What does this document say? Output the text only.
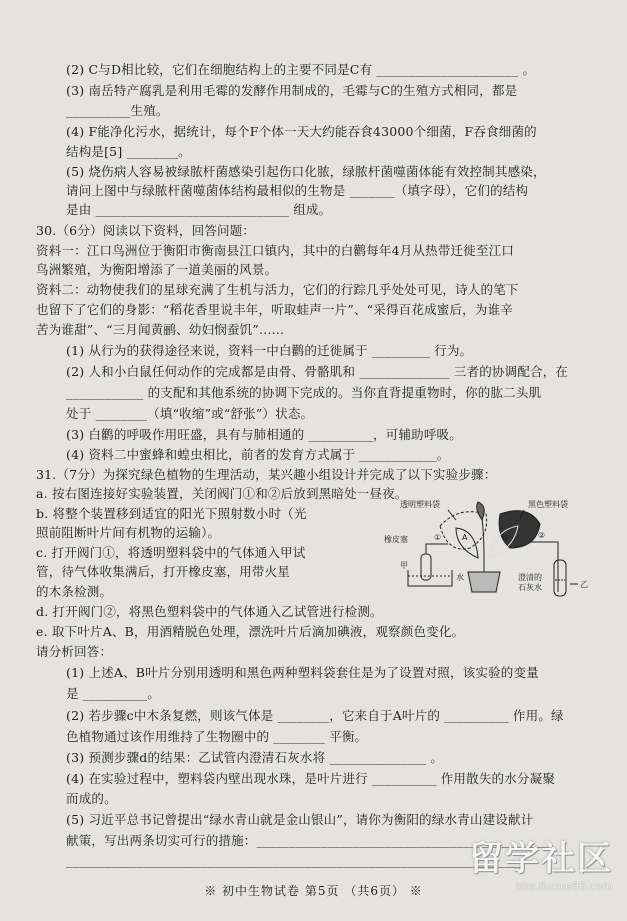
(2) C与D相比较，它们在细胞结构上的主要不同是C有 ______________________ 。
(3) 南岳特产腐乳是利用毛霉的发酵作用制成的，毛霉与C的生殖方式相同，都是
__________生殖。
(4) F能净化污水，据统计，每个F个体一天大约能吞食43000个细菌，F吞食细菌的
结构是[5] ________。
(5) 烧伤病人容易被绿脓杆菌感染引起伤口化脓，绿脓杆菌噬菌体能有效控制其感染，
请问上图中与绿脓杆菌噬菌体结构最相似的生物是 _______（填字母），它们的结构
是由 ______________________________ 组成。
30.（6分）阅读以下资料，回答问题：
资料一：江口鸟洲位于衡阳市衡南县江口镇内，其中的白鹳每年4月从热带迁徙至江口
鸟洲繁殖，为衡阳增添了一道美丽的风景。
资料二：动物使我们的星球充满了生机与活力，它们的行踪几乎处处可见，诗人的笔下
也留下了它们的身影：“稻花香里说丰年，听取蛙声一片”、“采得百花成蜜后，为谁辛
苦为谁甜”、“三月闻黄鹂、幼妇悯蚕饥”……
(1) 从行为的获得途径来说，资料一中白鹳的迁徙属于 _________ 行为。
(2) 人和小白鼠任何动作的完成都是由骨、骨骼肌和 ______________ 三者的协调配合，在
____________ 的支配和其他系统的协调下完成的。当你直背提重物时，你的肱二头肌
处于 ________（填“收缩”或“舒张”）状态。
(3) 白鹳的呼吸作用旺盛，具有与肺相通的 __________，可辅助呼吸。
(4) 资料二中蜜蜂和蝗虫相比，前者的发育方式属于 ____________。
31.（7分）为探究绿色植物的生理活动，某兴趣小组设计并完成了以下实验步骤：
a. 按右图连接好实验装置，关闭阀门①和②后放到黑暗处一昼夜。
b. 将整个装置移到适宜的阳光下照射数小时（光
照前阻断叶片间有机物的运输）。
c. 打开阀门①，将透明塑料袋中的气体通入甲试
管，待气体收集满后，打开橡皮塞，用带火星
的木条检测。
d. 打开阀门②，将黑色塑料袋中的气体通入乙试管进行检测。
e. 取下叶片A、B，用酒精脱色处理，漂洗叶片后滴加碘液，观察颜色变化。
请分析回答：
(1) 上述A、B叶片分别用透明和黑色两种塑料袋套住是为了设置对照，该实验的变量
是 __________。
(2) 若步骤c中木条复燃，则该气体是 ________，它来自于A叶片的 __________ 作用。绿
色植物通过该作用维持了生物圈中的 ________ 平衡。
(3) 预测步骤d的结果：乙试管内澄清石灰水将 _______________ 。
(4) 在实验过程中，塑料袋内壁出现水珠，是叶片进行 __________ 作用散失的水分凝聚
而成的。
(5) 习近平总书记曾提出“绿水青山就是金山银山”，请你为衡阳的绿水青山建设献计
献策，写出两条切实可行的措施：______________________________________________
_______________________________________________________________________
透明塑料袋	黑色塑料袋
橡皮塞
甲
水
①	②
A	B
澄清的
石灰水	乙
※ 初中生物试卷 第5页 （共6页） ※
留学社区
bbs.liuxue86.com
